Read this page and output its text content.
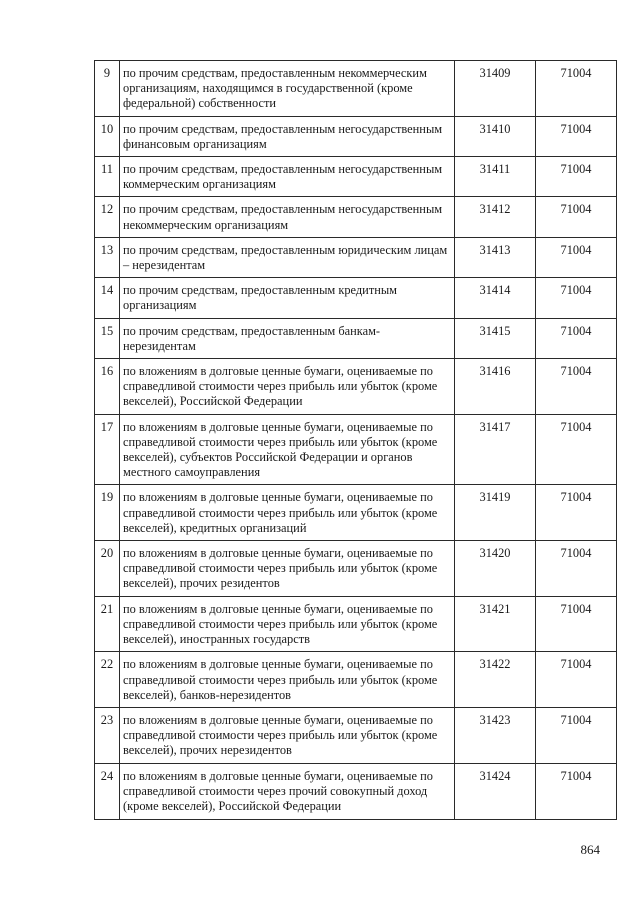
9	по прочим средствам, предоставленным некоммерческим организациям, находящимся в государственной (кроме федеральной) собственности	31409	71004
10	по прочим средствам, предоставленным негосударственным финансовым организациям	31410	71004
11	по прочим средствам, предоставленным негосударственным коммерческим организациям	31411	71004
12	по прочим средствам, предоставленным негосударственным некоммерческим организациям	31412	71004
13	по прочим средствам, предоставленным юридическим лицам – нерезидентам	31413	71004
14	по прочим средствам, предоставленным кредитным организациям	31414	71004
15	по прочим средствам, предоставленным банкам-нерезидентам	31415	71004
16	по вложениям в долговые ценные бумаги, оцениваемые по справедливой стоимости через прибыль или убыток (кроме векселей), Российской Федерации	31416	71004
17	по вложениям в долговые ценные бумаги, оцениваемые по справедливой стоимости через прибыль или убыток (кроме векселей), субъектов Российской Федерации и органов местного самоуправления	31417	71004
19	по вложениям в долговые ценные бумаги, оцениваемые по справедливой стоимости через прибыль или убыток (кроме векселей), кредитных организаций	31419	71004
20	по вложениям в долговые ценные бумаги, оцениваемые по справедливой стоимости через прибыль или убыток (кроме векселей), прочих резидентов	31420	71004
21	по вложениям в долговые ценные бумаги, оцениваемые по справедливой стоимости через прибыль или убыток (кроме векселей), иностранных государств	31421	71004
22	по вложениям в долговые ценные бумаги, оцениваемые по справедливой стоимости через прибыль или убыток (кроме векселей), банков-нерезидентов	31422	71004
23	по вложениям в долговые ценные бумаги, оцениваемые по справедливой стоимости через прибыль или убыток (кроме векселей), прочих нерезидентов	31423	71004
24	по вложениям в долговые ценные бумаги, оцениваемые по справедливой стоимости через прочий совокупный доход (кроме векселей), Российской Федерации	31424	71004
864
